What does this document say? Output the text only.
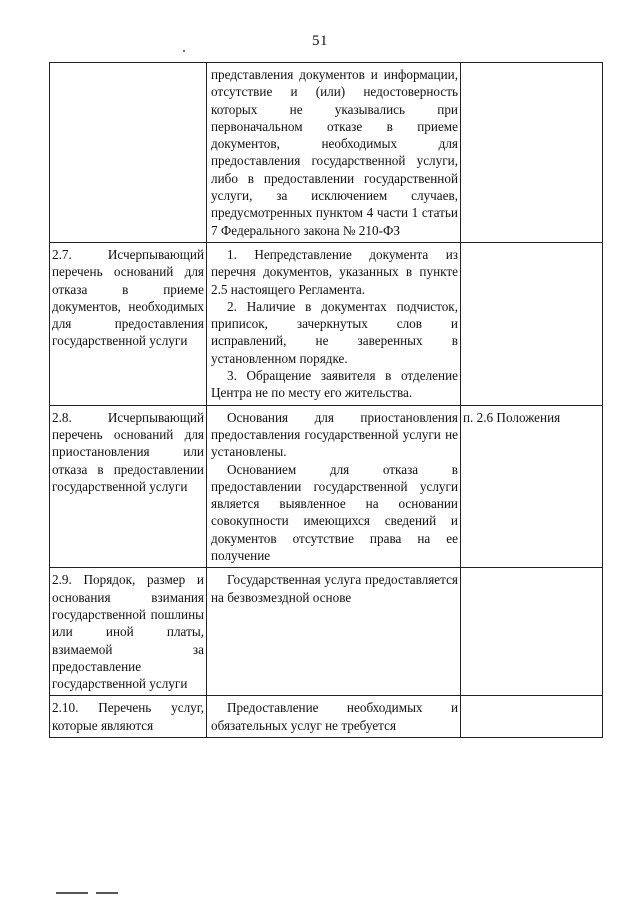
51

	представления документов и информации, отсутствие и (или) недостоверность которых не указывались при первоначальном отказе в приеме документов, необходимых для предоставления государственной услуги, либо в предоставлении государственной услуги, за исключением случаев, предусмотренных пунктом 4 части 1 статьи 7 Федерального закона № 210-ФЗ	

2.7. Исчерпывающий перечень оснований для отказа в приеме документов, необходимых для предоставления государственной услуги	1. Непредставление документа из перечня документов, указанных в пункте 2.5 настоящего Регламента.

2. Наличие в документах подчисток, приписок, зачеркнутых слов и исправлений, не заверенных в установленном порядке.

3. Обращение заявителя в отделение Центра не по месту его жительства.	

2.8. Исчерпывающий перечень оснований для приостановления или отказа в предоставлении государственной услуги	Основания для приостановления предоставления государственной услуги не установлены.

Основанием для отказа в предоставлении государственной услуги является выявленное на основании совокупности имеющихся сведений и документов отсутствие права на ее получение	п. 2.6 Положения

2.9. Порядок, размер и основания взимания государственной пошлины или иной платы, взимаемой за предоставление государственной услуги	Государственная услуга предоставляется на безвозмездной основе	

2.10. Перечень услуг, которые являются	Предоставление необходимых и обязательных услуг не требуется	
